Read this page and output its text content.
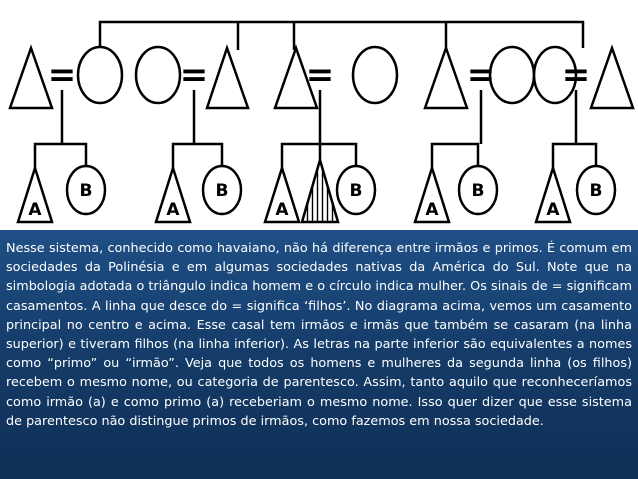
=	=	=	= =
A
B
A
B
A
B
A
B
A
B

Nesse sistema, conhecido como havaiano, não há diferença entre irmãos e primos. É comum em sociedades da Polinésia e em algumas sociedades nativas da América do Sul. Note que na simbologia adotada o triângulo indica homem e o círculo indica mulher. Os sinais de = significam casamentos. A linha que desce do = significa ‘filhos’. No diagrama acima, vemos um casamento principal no centro e acima. Esse casal tem irmãos e irmãs que também se casaram (na linha superior) e tiveram filhos (na linha inferior). As letras na parte inferior são equivalentes a nomes como “primo” ou “irmão”. Veja que todos os homens e mulheres da segunda linha (os filhos) recebem o mesmo nome, ou categoria de parentesco. Assim, tanto aquilo que reconheceríamos como irmão (a) e como primo (a) receberiam o mesmo nome. Isso quer dizer que esse sistema de parentesco não distingue primos de irmãos, como fazemos em nossa sociedade.
